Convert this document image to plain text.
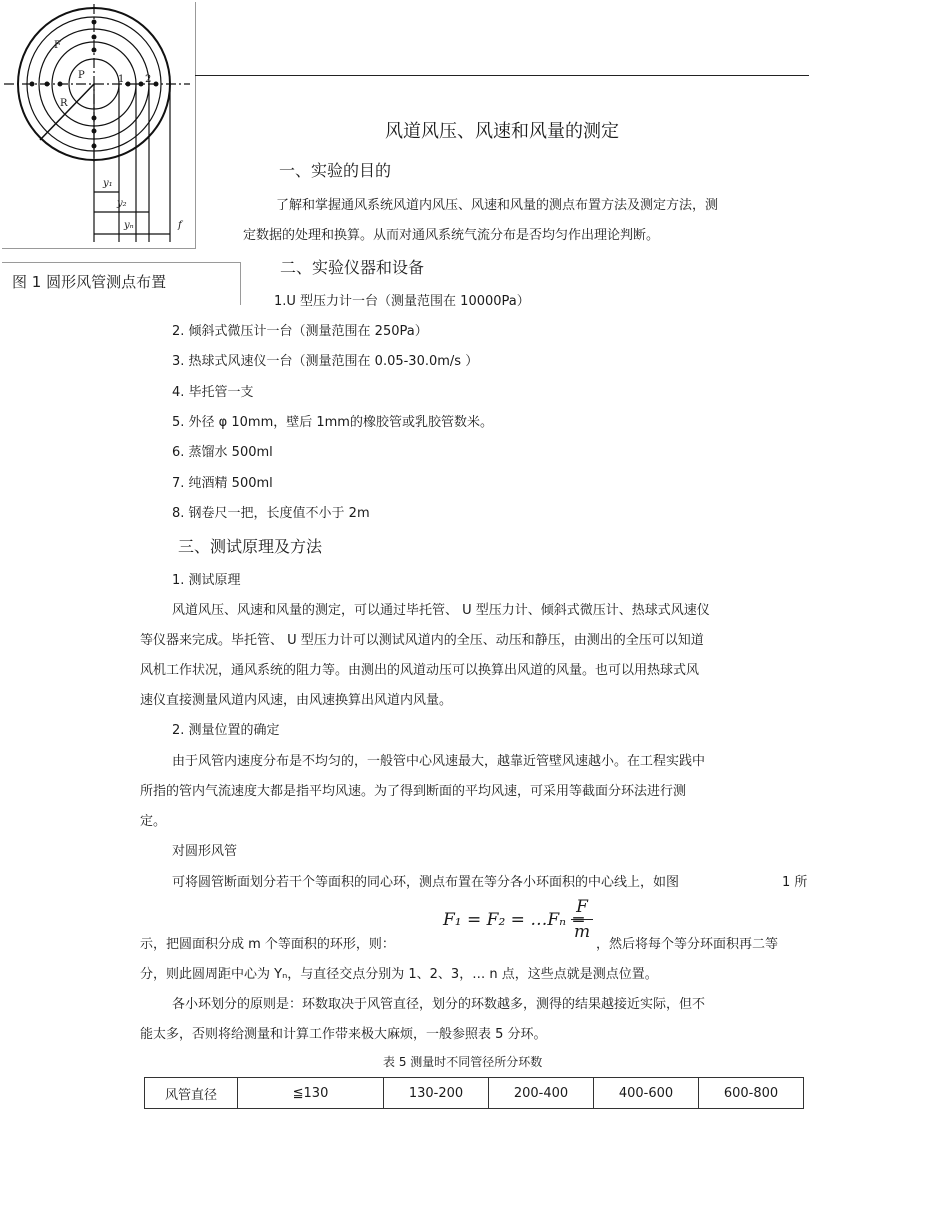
F
P
R
1 2
y₁
y₂
yₙ	f
图 1 圆形风管测点布置
风道风压、风速和风量的测定
一、实验的目的
了解和掌握通风系统风道内风压、风速和风量的测点布置方法及测定方法，测
定数据的处理和换算。从而对通风系统气流分布是否均匀作出理论判断。
二、实验仪器和设备
1.U 型压力计一台（测量范围在 10000Pa）
2. 倾斜式微压计一台（测量范围在 250Pa）
3. 热球式风速仪一台（测量范围在 0.05-30.0m/s ）
4. 毕托管一支
5. 外径 φ 10mm，壁后 1mm的橡胶管或乳胶管数米。
6. 蒸馏水 500ml
7. 纯酒精 500ml
8. 钢卷尺一把，长度值不小于 2m
三、测试原理及方法
1. 测试原理
风道风压、风速和风量的测定，可以通过毕托管、 U 型压力计、倾斜式微压计、热球式风速仪
等仪器来完成。毕托管、 U 型压力计可以测试风道内的全压、动压和静压，由测出的全压可以知道
风机工作状况，通风系统的阻力等。由测出的风道动压可以换算出风道的风量。也可以用热球式风
速仪直接测量风道内风速，由风速换算出风道内风量。
2. 测量位置的确定
由于风管内速度分布是不均匀的，一般管中心风速最大，越靠近管壁风速越小。在工程实践中
所指的管内气流速度大都是指平均风速。为了得到断面的平均风速，可采用等截面分环法进行测
定。
对圆形风管
可将圆管断面划分若干个等面积的同心环，测点布置在等分各小环面积的中心线上，如图	1 所
F₁ = F₂ = …Fₙ =
F
m
示，把圆面积分成 m 个等面积的环形，则：	，然后将每个等分环面积再二等
分，则此圆周距中心为 Yₙ，与直径交点分别为 1、2、3，… n 点，这些点就是测点位置。
各小环划分的原则是：环数取决于风管直径，划分的环数越多，测得的结果越接近实际，但不
能太多，否则将给测量和计算工作带来极大麻烦，一般参照表 5 分环。
表 5 测量时不同管径所分环数
风管直径	≦130	130-200	200-400	400-600	600-800
